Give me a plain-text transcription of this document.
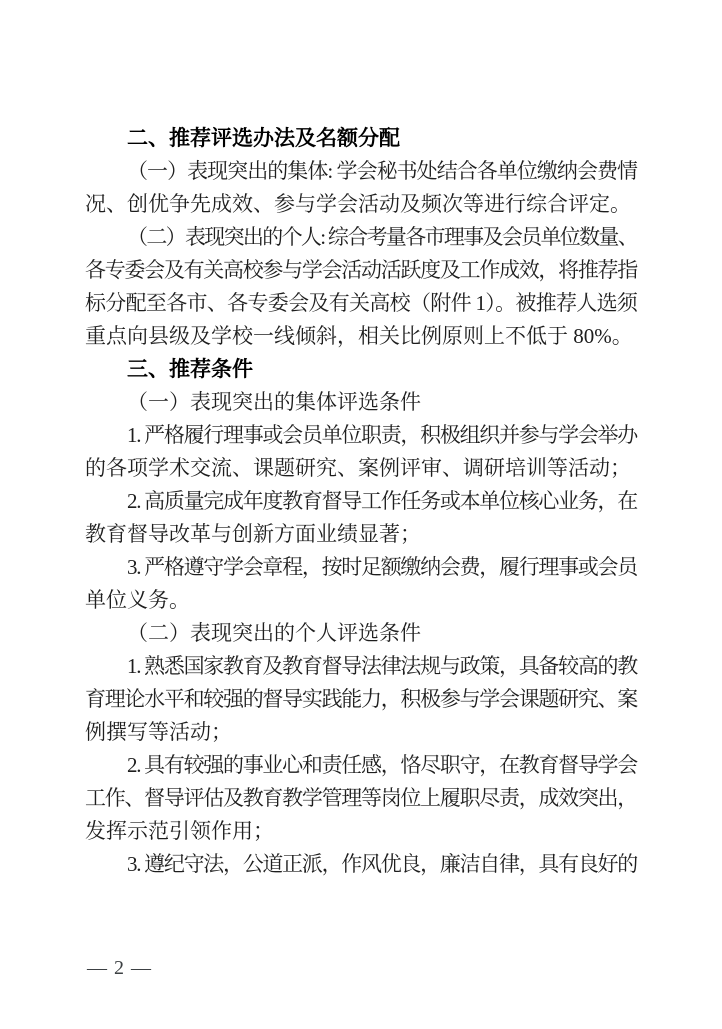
二、推荐评选办法及名额分配
（一）表现突出的集体: 学会秘书处结合各单位缴纳会费情
况、创优争先成效、参与学会活动及频次等进行综合评定。
（二）表现突出的个人: 综合考量各市理事及会员单位数量、
各专委会及有关高校参与学会活动活跃度及工作成效，将推荐指
标分配至各市、各专委会及有关高校（附件 1）。被推荐人选须
重点向县级及学校一线倾斜，相关比例原则上不低于 80%。
三、推荐条件
（一）表现突出的集体评选条件
1. 严格履行理事或会员单位职责，积极组织并参与学会举办
的各项学术交流、课题研究、案例评审、调研培训等活动；
2. 高质量完成年度教育督导工作任务或本单位核心业务，在
教育督导改革与创新方面业绩显著；
3. 严格遵守学会章程，按时足额缴纳会费，履行理事或会员
单位义务。
（二）表现突出的个人评选条件
1. 熟悉国家教育及教育督导法律法规与政策，具备较高的教
育理论水平和较强的督导实践能力，积极参与学会课题研究、案
例撰写等活动；
2. 具有较强的事业心和责任感，恪尽职守，在教育督导学会
工作、督导评估及教育教学管理等岗位上履职尽责，成效突出，
发挥示范引领作用；
3. 遵纪守法，公道正派，作风优良，廉洁自律，具有良好的
— 2 —
